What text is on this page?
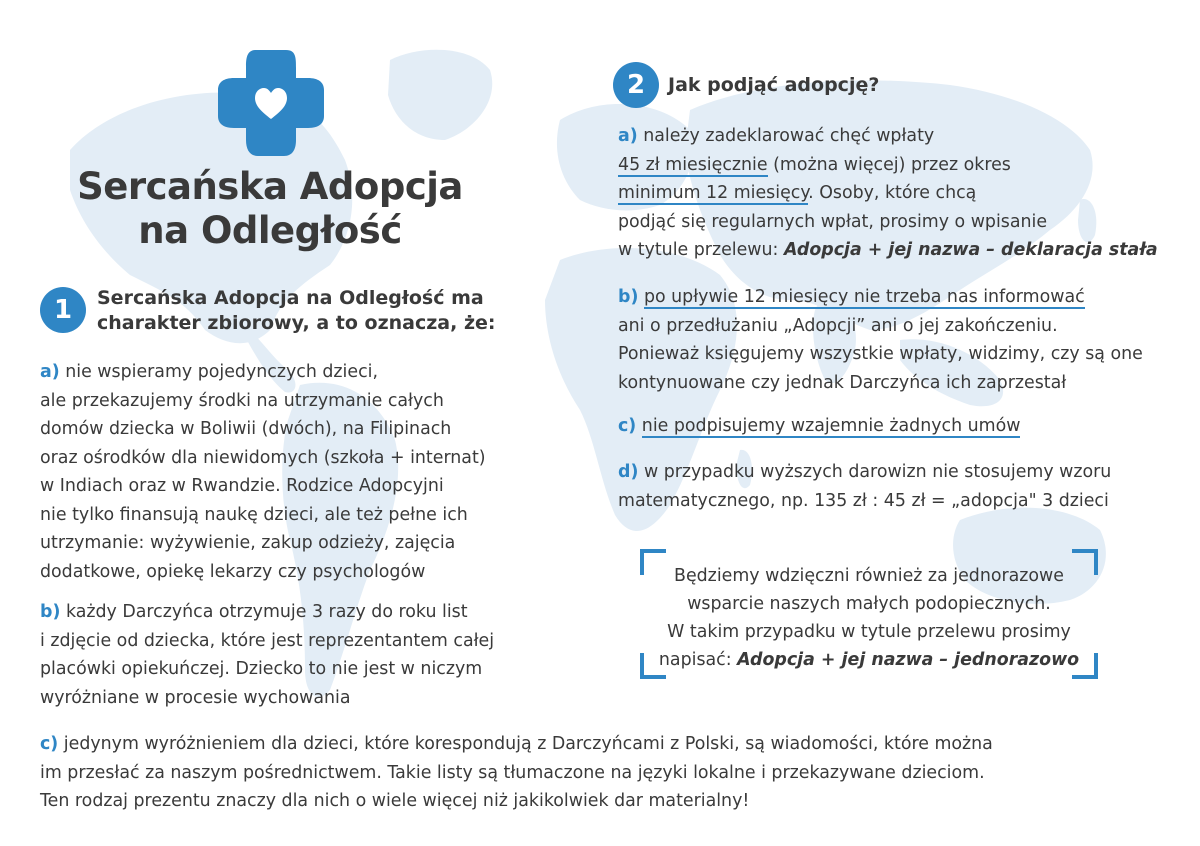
Sercańska Adopcja
na Odległość
1	Sercańska Adopcja na Odległość ma charakter zbiorowy, a to oznacza, że:
a) nie wspieramy pojedynczych dzieci,
ale przekazujemy środki na utrzymanie całych
domów dziecka w Boliwii (dwóch), na Filipinach
oraz ośrodków dla niewidomych (szkoła + internat)
w Indiach oraz w Rwandzie. Rodzice Adopcyjni
nie tylko finansują naukę dzieci, ale też pełne ich
utrzymanie: wyżywienie, zakup odzieży, zajęcia
dodatkowe, opiekę lekarzy czy psychologów
b) każdy Darczyńca otrzymuje 3 razy do roku list
i zdjęcie od dziecka, które jest reprezentantem całej
placówki opiekuńczej. Dziecko to nie jest w niczym
wyróżniane w procesie wychowania
c) jedynym wyróżnieniem dla dzieci, które korespondują z Darczyńcami z Polski, są wiadomości, które można
im przesłać za naszym pośrednictwem. Takie listy są tłumaczone na języki lokalne i przekazywane dzieciom.
Ten rodzaj prezentu znaczy dla nich o wiele więcej niż jakikolwiek dar materialny!
2	Jak podjąć adopcję?
a) należy zadeklarować chęć wpłaty
45 zł miesięcznie (można więcej) przez okres
minimum 12 miesięcy. Osoby, które chcą
podjąć się regularnych wpłat, prosimy o wpisanie
w tytule przelewu: Adopcja + jej nazwa – deklaracja stała
b) po upływie 12 miesięcy nie trzeba nas informować
ani o przedłużaniu „Adopcji” ani o jej zakończeniu.
Ponieważ księgujemy wszystkie wpłaty, widzimy, czy są one
kontynuowane czy jednak Darczyńca ich zaprzestał
c) nie podpisujemy wzajemnie żadnych umów
d) w przypadku wyższych darowizn nie stosujemy wzoru
matematycznego, np. 135 zł : 45 zł = „adopcja" 3 dzieci
Będziemy wdzięczni również za jednorazowe
wsparcie naszych małych podopiecznych.
W takim przypadku w tytule przelewu prosimy
napisać: Adopcja + jej nazwa – jednorazowo
